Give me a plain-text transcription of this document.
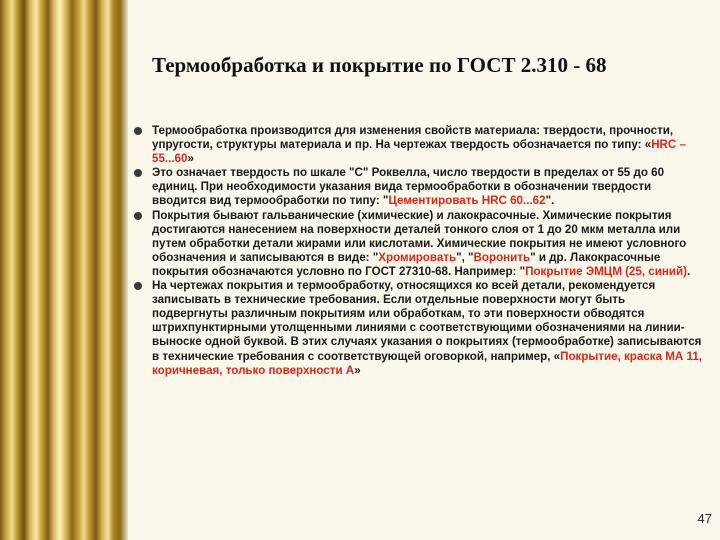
Термообработка и покрытие по ГОСТ 2.310 - 68
Термообработка производится для изменения свойств материала: твердости, прочности, упругости, структуры материала и пр. На чертежах твердость обозначается по типу: «HRC – 55...60»
Это означает твердость по шкале "С" Роквелла, число твердости в пределах от 55 до 60 единиц. При необходимости указания вида термообработки в обозначении твердости вводится вид термообработки по типу: "Цементировать HRC 60...62".
Покрытия бывают гальванические (химические) и лакокрасочные. Химические покрытия достигаются нанесением на поверхности деталей тонкого слоя от 1 до 20 мкм металла или путем обработки детали жирами или кислотами. Химические покрытия не имеют условного обозначения и записываются в виде: "Хромировать", "Воронить" и др. Лакокрасочные покрытия обозначаются условно по ГОСТ 27310-68. Например: "Покрытие ЭМЦМ (25, синий).
На чертежах покрытия и термообработку, относящихся ко всей детали, рекомендуется записывать в технические требования. Если отдельные поверхности могут быть подвергнуты различным покрытиям или обработкам, то эти поверхности обводятся штрихпунктирными утолщенными линиями с соответствующими обозначениями на линии-выноске одной буквой. В этих случаях указания о покрытиях (термообработке) записываются в технические требования с соответствующей оговоркой, например, «Покрытие, краска МА 11, коричневая, только поверхности А»
47
